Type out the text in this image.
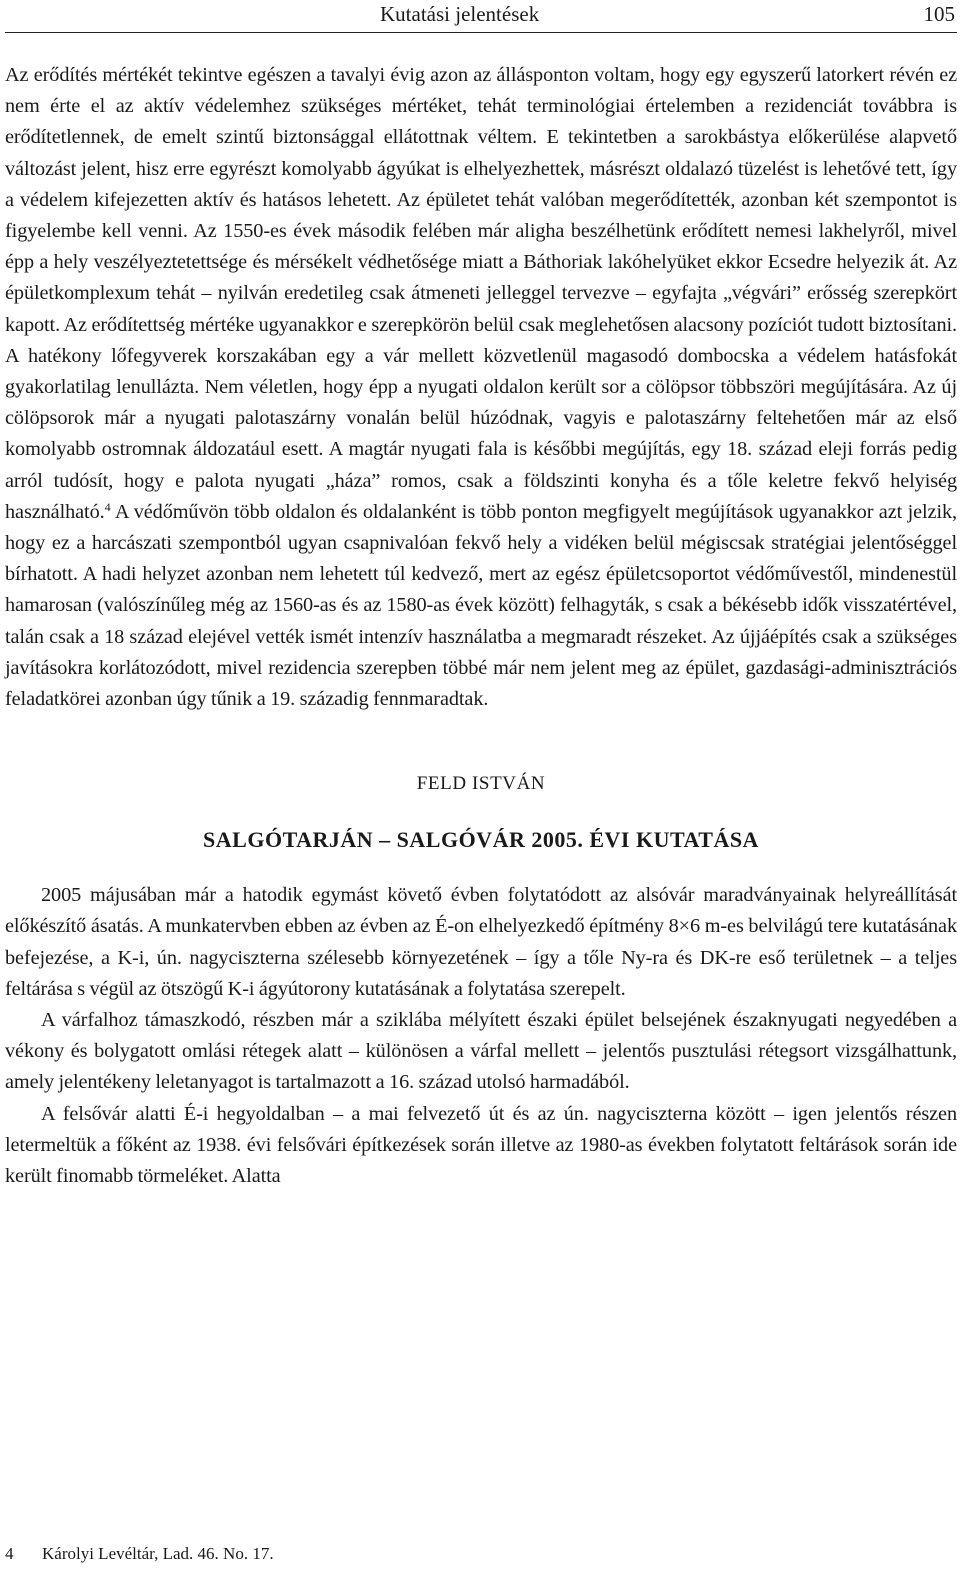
Kutatási jelentések	105

Az erődítés mértékét tekintve egészen a tavalyi évig azon az állásponton voltam, hogy egy egyszerű latorkert révén ez nem érte el az aktív védelemhez szükséges mértéket, tehát terminológiai értelemben a rezidenciát továbbra is erődítetlennek, de emelt szintű biztonsággal ellátottnak véltem. E tekintetben a sarokbástya előkerülése alapvető változást jelent, hisz erre egyrészt komolyabb ágyúkat is elhelyezhettek, másrészt oldalazó tüzelést is lehetővé tett, így a védelem kifejezetten aktív és hatásos lehetett. Az épületet tehát valóban megerődítették, azonban két szempontot is figyelembe kell venni. Az 1550-es évek második felében már aligha beszélhetünk erődített nemesi lakhelyről, mivel épp a hely veszélyeztetettsége és mérsékelt védhetősége miatt a Báthoriak lakóhelyüket ekkor Ecsedre helyezik át. Az épületkomplexum tehát – nyilván eredetileg csak átmeneti jelleggel tervezve – egyfajta „végvári” erősség szerepkört kapott. Az erődítettség mértéke ugyanakkor e szerepkörön belül csak meglehetősen alacsony pozíciót tudott biztosítani. A hatékony lőfegyverek korszakában egy a vár mellett közvetlenül magasodó dombocska a védelem hatásfokát gyakorlatilag lenullázta. Nem véletlen, hogy épp a nyugati oldalon került sor a cölöpsor többszöri megújítására. Az új cölöpsorok már a nyugati palotaszárny vonalán belül húzódnak, vagyis e palotaszárny feltehetően már az első komolyabb ostromnak áldozatául esett. A magtár nyugati fala is későbbi megújítás, egy 18. század eleji forrás pedig arról tudósít, hogy e palota nyugati „háza” romos, csak a földszinti konyha és a tőle keletre fekvő helyiség használható.$^4$ A védőművön több oldalon és oldalanként is több ponton megfigyelt megújítások ugyanakkor azt jelzik, hogy ez a harcászati szempontból ugyan csapnivalóan fekvő hely a vidéken belül mégiscsak stratégiai jelentőséggel bírhatott. A hadi helyzet azonban nem lehetett túl kedvező, mert az egész épületcsoportot védőművestől, mindenestül hamarosan (valószínűleg még az 1560-as és az 1580-as évek között) felhagyták, s csak a békésebb idők visszatértével, talán csak a 18 század elejével vették ismét intenzív használatba a megmaradt részeket. Az újjáépítés csak a szükséges javításokra korlátozódott, mivel rezidencia szerepben többé már nem jelent meg az épület, gazdasági-adminisztrációs feladatkörei azonban úgy tűnik a 19. századig fennmaradtak.

FELD ISTVÁN
SALGÓTARJÁN – SALGÓVÁR 2005. ÉVI KUTATÁSA

2005 májusában már a hatodik egymást követő évben folytatódott az alsóvár maradványainak helyreállítását előkészítő ásatás. A munkatervben ebben az évben az É-on elhelyezkedő építmény 8×6 m-es belvilágú tere kutatásának befejezése, a K-i, ún. nagyciszterna szélesebb környezetének – így a tőle Ny-ra és DK-re eső területnek – a teljes feltárása s végül az ötszögű K-i ágyútorony kutatásának a folytatása szerepelt.

A várfalhoz támaszkodó, részben már a sziklába mélyített északi épület belsejének északnyugati negyedében a vékony és bolygatott omlási rétegek alatt – különösen a várfal mellett – jelentős pusztulási rétegsort vizsgálhattunk, amely jelentékeny leletanyagot is tartalmazott a 16. század utolsó harmadából.

A felsővár alatti É-i hegyoldalban – a mai felvezető út és az ún. nagyciszterna között – igen jelentős részen letermeltük a főként az 1938. évi felsővári építkezések során illetve az 1980-as években folytatott feltárások során ide került finomabb törmeléket. Alatta

4 Károlyi Levéltár, Lad. 46. No. 17.
